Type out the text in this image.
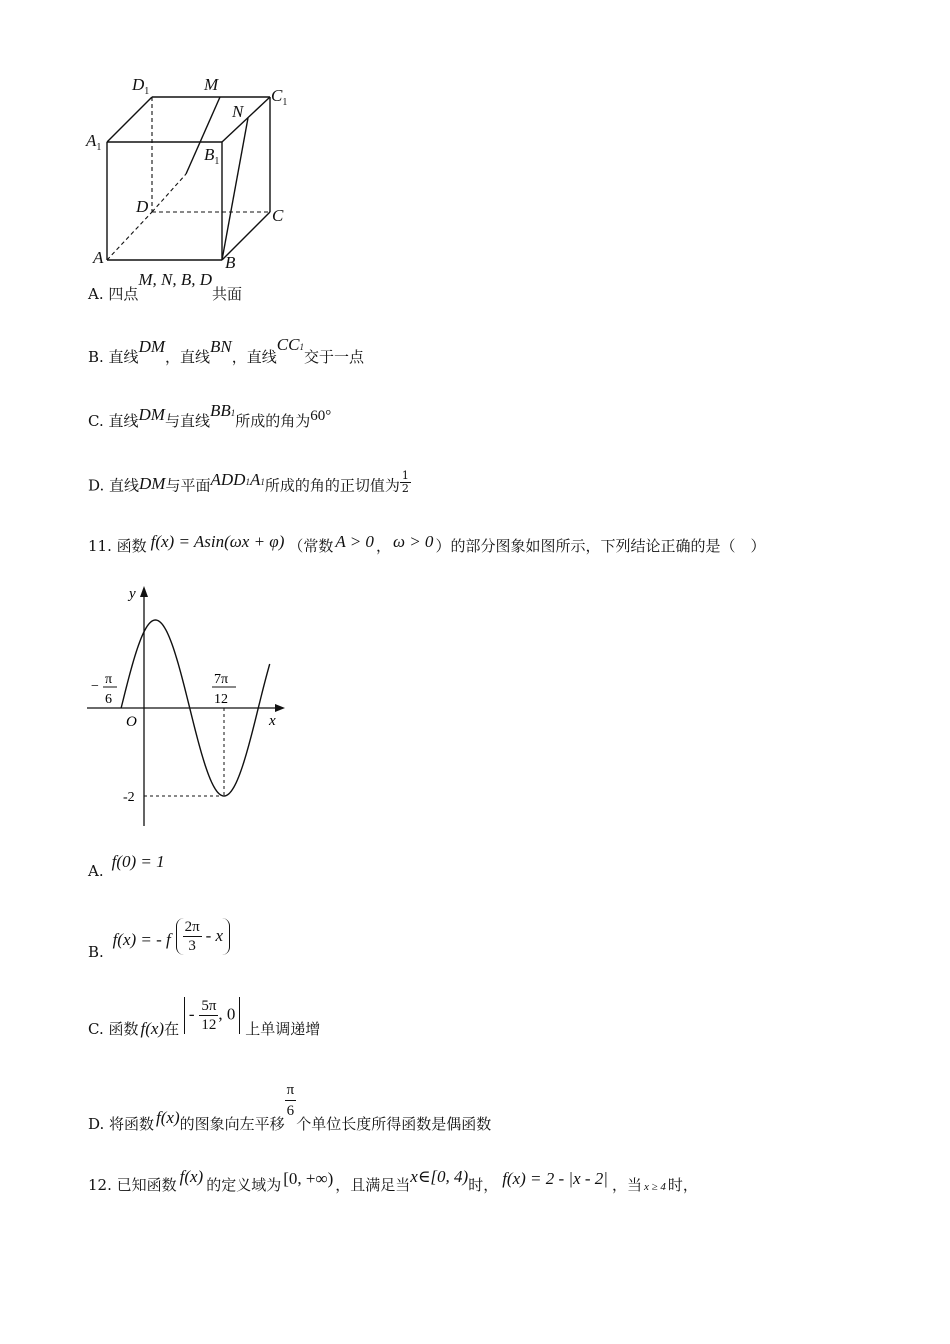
$D_1$	M
$C_1$
N
$A_1$	$B_1$
D	C
A	B
A. 四点M, N, B, D共面
B. 直线DM，直线BN，直线CC1交于一点
C. 直线DM与直线BB1所成的角为60°
D. 直线DM与平面ADD1A1所成的角的正切值为 $\frac{1}{2}$
11. 函数 f(x) = Asin(ωx + φ) （常数 A > 0 ， ω > 0 ）的部分图象如图所示，下列结论正确的是（　）
y
x
O
− π
6
7π
12
-2
A. f(0) = 1
B. f(x) = - f $\frac{2\pi}{3}$ - x
C. 函数 f(x)在 - $\frac{5\pi}{12}$ , 0 上单调递增
D. 将函数 f(x)的图象向左平移
$\frac{\pi}{6}$
个单位长度所得函数是偶函数
12. 已知函数 f(x) 的定义域为 [0, +∞) ，且满足当x∈[0, 4)时， f(x) = 2 - |x - 2| ，当 x ≥ 4 时，
